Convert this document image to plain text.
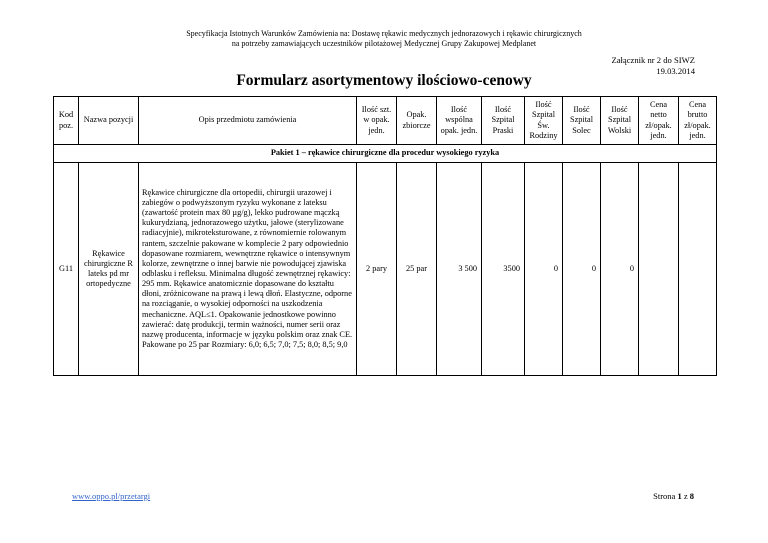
Specyfikacja Istotnych Warunków Zamówienia na: Dostawę rękawic medycznych jednorazowych i rękawic chirurgicznych
na potrzeby zamawiających uczestników pilotażowej Medycznej Grupy Zakupowej Medplanet
Załącznik nr 2 do SIWZ
19.03.2014
Formularz asortymentowy ilościowo-cenowy
Kod poz.	Nazwa pozycji	Opis przedmiotu zamówienia	Ilość szt. w opak. jedn.	Opak. zbiorcze	Ilość wspólna opak. jedn.	Ilość Szpital Praski	Ilość Szpital Św. Rodziny	Ilość Szpital Solec	Ilość Szpital Wolski	Cena netto zł/opak. jedn.	Cena brutto zł/opak. jedn.
Pakiet 1 – rękawice chirurgiczne dla procedur wysokiego ryzyka											
G11	Rękawice chirurgiczne R lateks pd mr ortopedyczne	Rękawice chirurgiczne dla ortopedii, chirurgii urazowej i zabiegów o podwyższonym ryzyku wykonane z lateksu (zawartość protein max 80 µg/g), lekko pudrowane mączką kukurydzianą, jednorazowego użytku, jałowe (sterylizowane radiacyjnie), mikroteksturowane, z równomiernie rolowanym rantem, szczelnie pakowane w komplecie 2 pary odpowiednio dopasowane rozmiarem, wewnętrzne rękawice o intensywnym kolorze, zewnętrzne o innej barwie nie powodującej zjawiska odblasku i refleksu. Minimalna długość zewnętrznej rękawicy: 295 mm. Rękawice anatomicznie dopasowane do kształtu dłoni, zróżnicowane na prawą i lewą dłoń. Elastyczne, odporne na rozciąganie, o wysokiej odporności na uszkodzenia mechaniczne. AQL≤1. Opakowanie jednostkowe powinno zawierać: datę produkcji, termin ważności, numer serii oraz nazwę producenta, informacje w języku polskim oraz znak CE. Pakowane po 25 par Rozmiary: 6,0; 6,5; 7,0; 7,5; 8,0; 8,5; 9,0	2 pary	25 par	3 500	3500	0	0	0		
www.oppo.pl/przetargi	Strona 1 z 8
